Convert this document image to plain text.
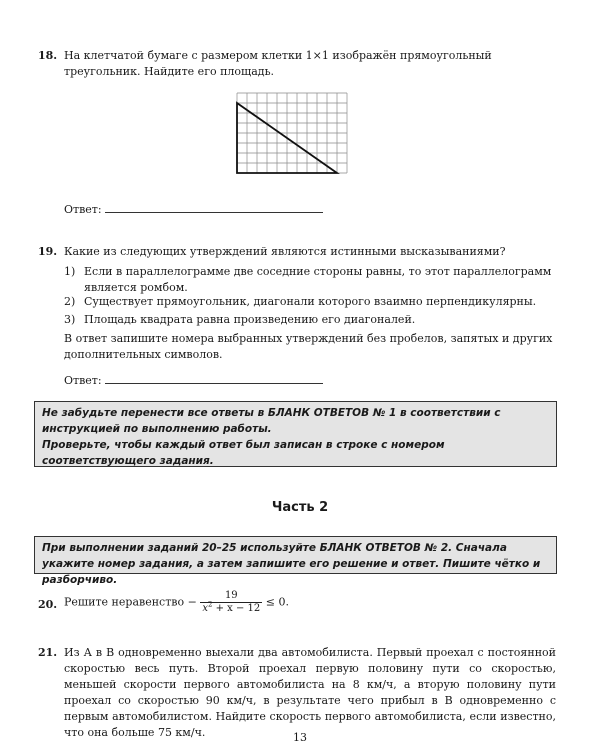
18. На клетчатой бумаге с размером клетки 1×1 изображён прямоугольный треугольник. Найдите его площадь.
Ответ:
19. Какие из следующих утверждений являются истинными высказываниями?
1) Если в параллелограмме две соседние стороны равны, то этот параллелограмм является ромбом.
2) Существует прямоугольник, диагонали которого взаимно перпендикулярны.
3) Площадь квадрата равна произведению его диагоналей.
В ответ запишите номера выбранных утверждений без пробелов, запятых и других дополнительных символов.
Ответ:
Не забудьте перенести все ответы в БЛАНК ОТВЕТОВ № 1 в соответствии с инструкцией по выполнению работы.
Проверьте, чтобы каждый ответ был записан в строке с номером соответствующего задания.
Часть 2
При выполнении заданий 20–25 используйте БЛАНК ОТВЕТОВ № 2. Сначала укажите номер задания, а затем запишите его решение и ответ. Пишите чётко и разборчиво.
20. Решите неравенство − $\frac{19}{x^2 + x - 12} \le 0$.
21. Из А в В одновременно выехали два автомобилиста. Первый проехал с постоянной скоростью весь путь. Второй проехал первую половину пути со скоростью, меньшей скорости первого автомобилиста на 8 км/ч, а вторую половину пути проехал со скоростью 90 км/ч, в результате чего прибыл в В одновременно с первым автомобилистом. Найдите скорость первого автомобилиста, если известно, что она больше 75 км/ч.	13
